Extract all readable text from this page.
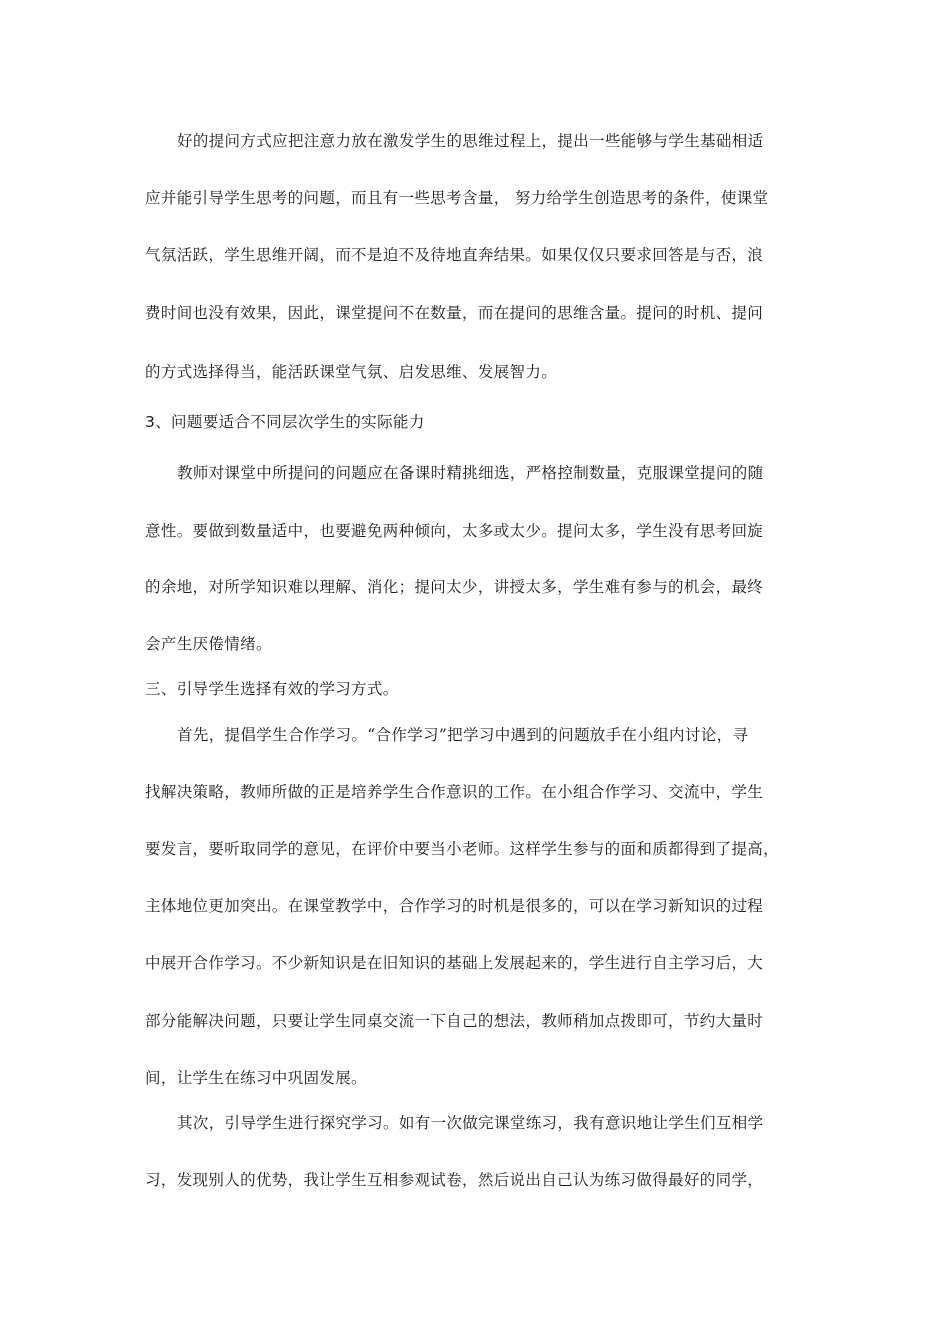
好的提问方式应把注意力放在激发学生的思维过程上，提出一些能够与学生基础相适
应并能引导学生思考的问题，而且有一些思考含量， 努力给学生创造思考的条件，使课堂
气氛活跃，学生思维开阔，而不是迫不及待地直奔结果。如果仅仅只要求回答是与否，浪
费时间也没有效果，因此，课堂提问不在数量，而在提问的思维含量。提问的时机、提问
的方式选择得当，能活跃课堂气氛、启发思维、发展智力。
3、问题要适合不同层次学生的实际能力
教师对课堂中所提问的问题应在备课时精挑细选，严格控制数量，克服课堂提问的随
意性。要做到数量适中，也要避免两种倾向，太多或太少。提问太多，学生没有思考回旋
的余地，对所学知识难以理解、消化；提问太少，讲授太多，学生难有参与的机会，最终
会产生厌倦情绪。
三、引导学生选择有效的学习方式。
首先，提倡学生合作学习。“合作学习”把学习中遇到的问题放手在小组内讨论，寻
找解决策略，教师所做的正是培养学生合作意识的工作。在小组合作学习、交流中，学生
要发言，要听取同学的意见，在评价中要当小老师。这样学生参与的面和质都得到了提高，
主体地位更加突出。在课堂教学中，合作学习的时机是很多的，可以在学习新知识的过程
中展开合作学习。不少新知识是在旧知识的基础上发展起来的，学生进行自主学习后，大
部分能解决问题，只要让学生同桌交流一下自己的想法，教师稍加点拨即可，节约大量时
间，让学生在练习中巩固发展。
其次，引导学生进行探究学习。如有一次做完课堂练习，我有意识地让学生们互相学
习，发现别人的优势，我让学生互相参观试卷，然后说出自己认为练习做得最好的同学，
